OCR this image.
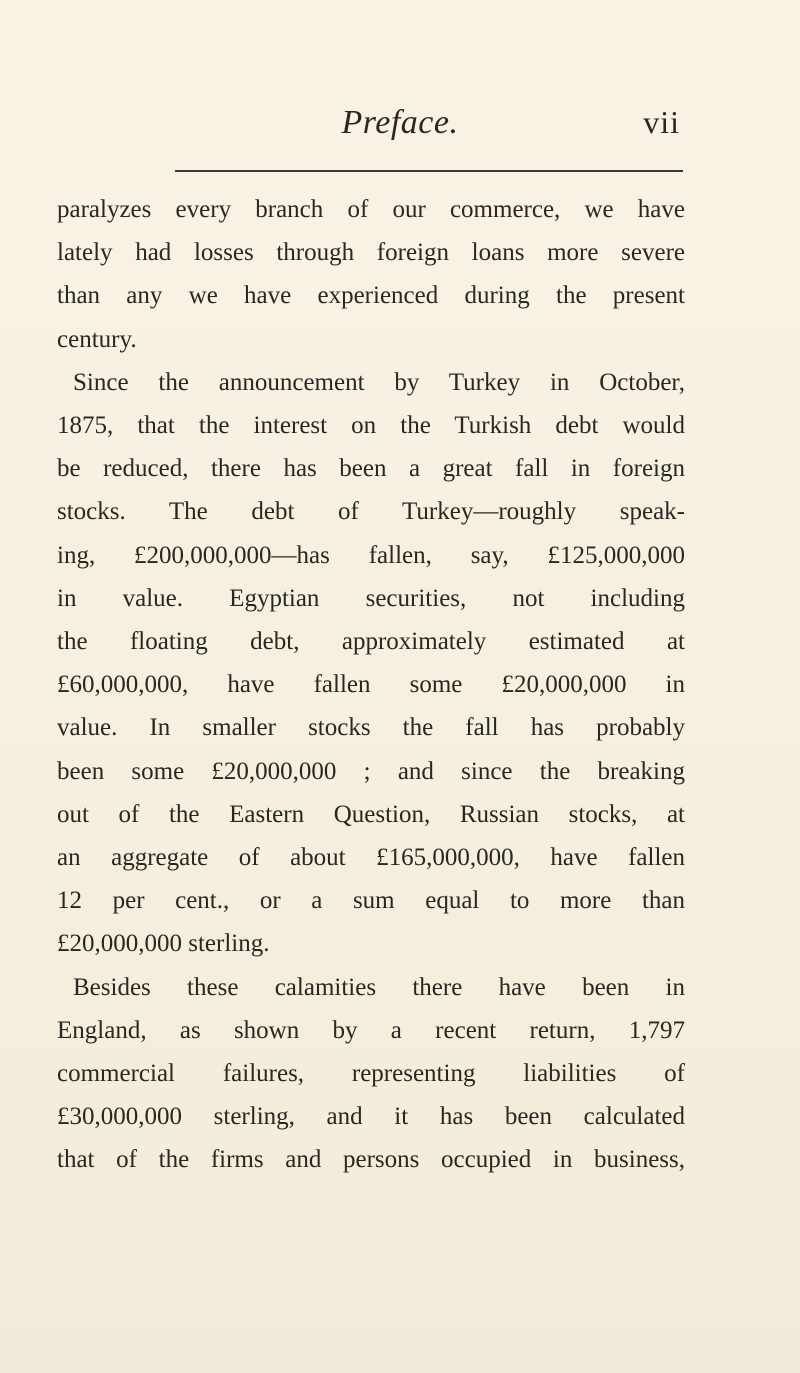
Preface.	vii
paralyzes every branch of our commerce, we have
lately had losses through foreign loans more severe
than any we have experienced during the present
century.
Since the announcement by Turkey in October,
1875, that the interest on the Turkish debt would
be reduced, there has been a great fall in foreign
stocks. The debt of Turkey—roughly speak-
ing, £200,000,000—has fallen, say, £125,000,000
in value. Egyptian securities, not including
the floating debt, approximately estimated at
£60,000,000, have fallen some £20,000,000 in
value. In smaller stocks the fall has probably
been some £20,000,000 ; and since the breaking
out of the Eastern Question, Russian stocks, at
an aggregate of about £165,000,000, have fallen
12 per cent., or a sum equal to more than
£20,000,000 sterling.
Besides these calamities there have been in
England, as shown by a recent return, 1,797
commercial failures, representing liabilities of
£30,000,000 sterling, and it has been calculated
that of the firms and persons occupied in business,
